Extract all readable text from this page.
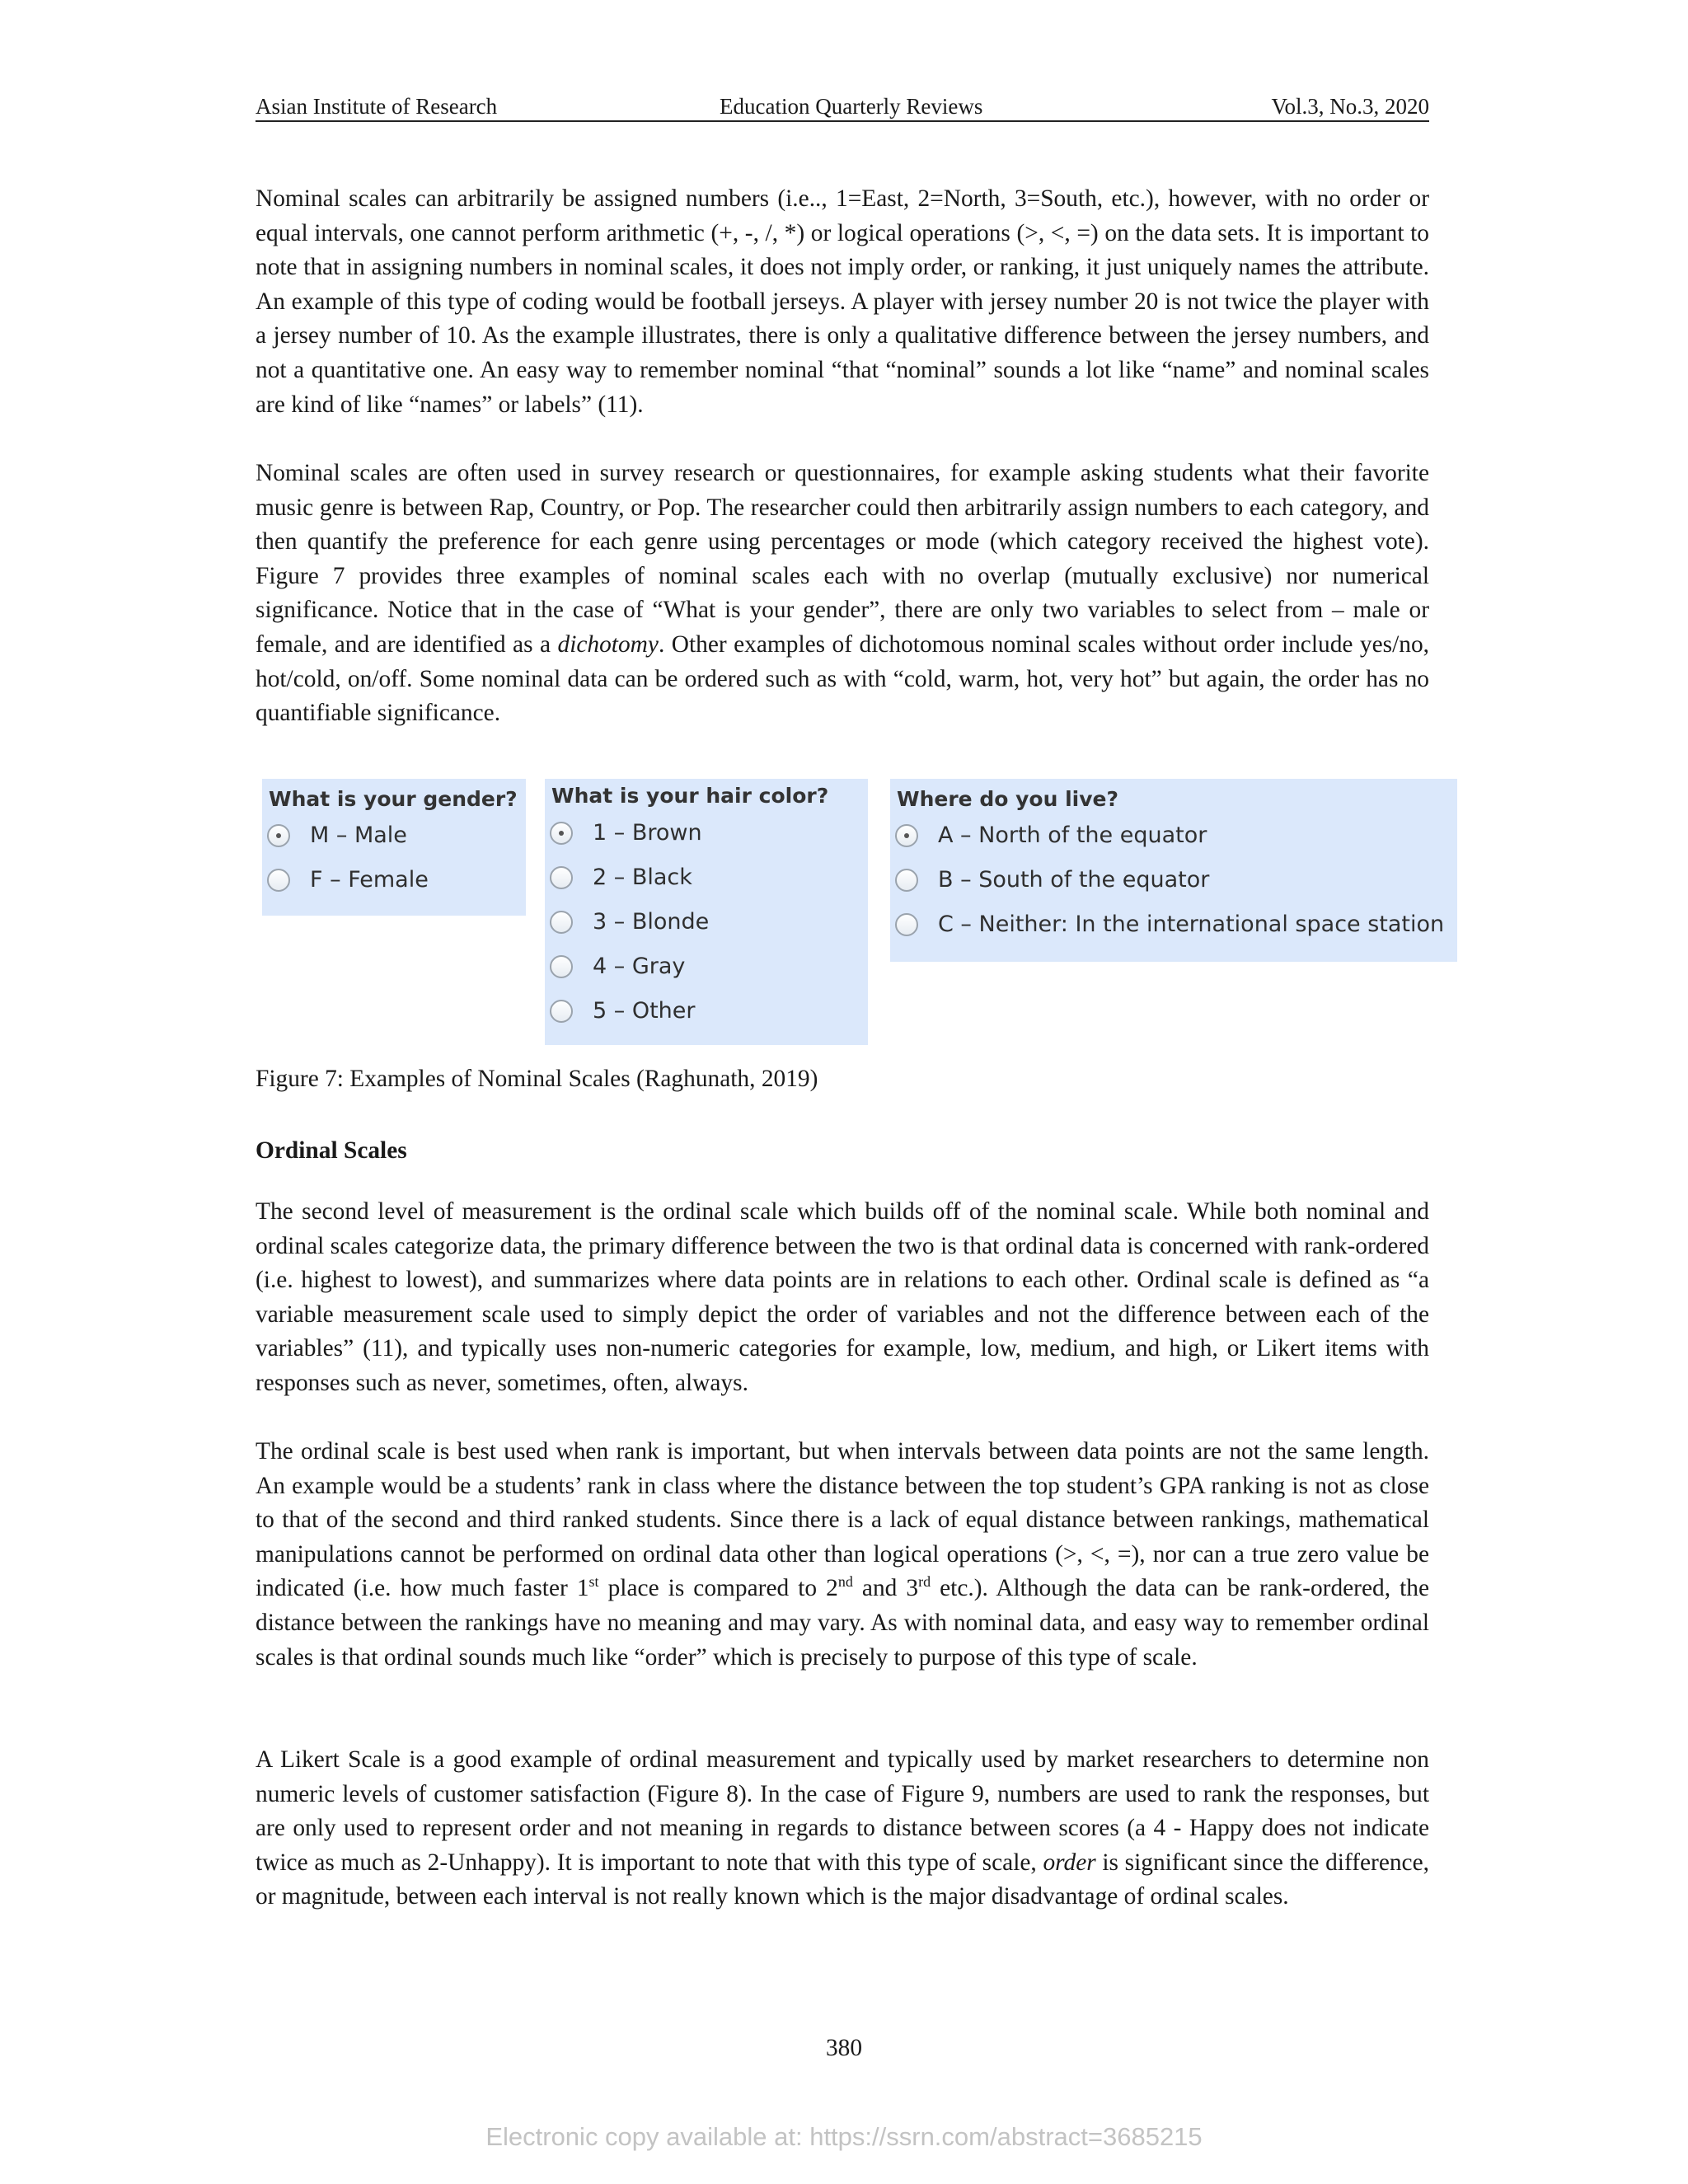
Asian Institute of Research	Education Quarterly Reviews	Vol.3, No.3, 2020

Nominal scales can arbitrarily be assigned numbers (i.e.., 1=East, 2=North, 3=South, etc.), however, with no order or equal intervals, one cannot perform arithmetic (+, -, /, *) or logical operations (>, <, =) on the data sets. It is important to note that in assigning numbers in nominal scales, it does not imply order, or ranking, it just uniquely names the attribute. An example of this type of coding would be football jerseys. A player with jersey number 20 is not twice the player with a jersey number of 10. As the example illustrates, there is only a qualitative difference between the jersey numbers, and not a quantitative one. An easy way to remember nominal “that “nominal” sounds a lot like “name” and nominal scales are kind of like “names” or labels” (11).

Nominal scales are often used in survey research or questionnaires, for example asking students what their favorite music genre is between Rap, Country, or Pop. The researcher could then arbitrarily assign numbers to each category, and then quantify the preference for each genre using percentages or mode (which category received the highest vote). Figure 7 provides three examples of nominal scales each with no overlap (mutually exclusive) nor numerical significance. Notice that in the case of “What is your gender”, there are only two variables to select from – male or female, and are identified as a dichotomy. Other examples of dichotomous nominal scales without order include yes/no, hot/cold, on/off. Some nominal data can be ordered such as with “cold, warm, hot, very hot” but again, the order has no quantifiable significance.

What is your gender?
M – Male
F – Female
What is your hair color?
1 – Brown
2 – Black
3 – Blonde
4 – Gray
5 – Other
Where do you live?
A – North of the equator
B – South of the equator
C – Neither: In the international space station

Figure 7: Examples of Nominal Scales (Raghunath, 2019)

Ordinal Scales

The second level of measurement is the ordinal scale which builds off of the nominal scale. While both nominal and ordinal scales categorize data, the primary difference between the two is that ordinal data is concerned with rank-ordered (i.e. highest to lowest), and summarizes where data points are in relations to each other. Ordinal scale is defined as “a variable measurement scale used to simply depict the order of variables and not the difference between each of the variables” (11), and typically uses non-numeric categories for example, low, medium, and high, or Likert items with responses such as never, sometimes, often, always.

The ordinal scale is best used when rank is important, but when intervals between data points are not the same length. An example would be a students’ rank in class where the distance between the top student’s GPA ranking is not as close to that of the second and third ranked students. Since there is a lack of equal distance between rankings, mathematical manipulations cannot be performed on ordinal data other than logical operations (>, <, =), nor can a true zero value be indicated (i.e. how much faster 1st place is compared to 2nd and 3rd etc.). Although the data can be rank-ordered, the distance between the rankings have no meaning and may vary. As with nominal data, and easy way to remember ordinal scales is that ordinal sounds much like “order” which is precisely to purpose of this type of scale.

A Likert Scale is a good example of ordinal measurement and typically used by market researchers to determine non numeric levels of customer satisfaction (Figure 8). In the case of Figure 9, numbers are used to rank the responses, but are only used to represent order and not meaning in regards to distance between scores (a 4 - Happy does not indicate twice as much as 2-Unhappy). It is important to note that with this type of scale, order is significant since the difference, or magnitude, between each interval is not really known which is the major disadvantage of ordinal scales.

380
Electronic copy available at: https://ssrn.com/abstract=3685215
